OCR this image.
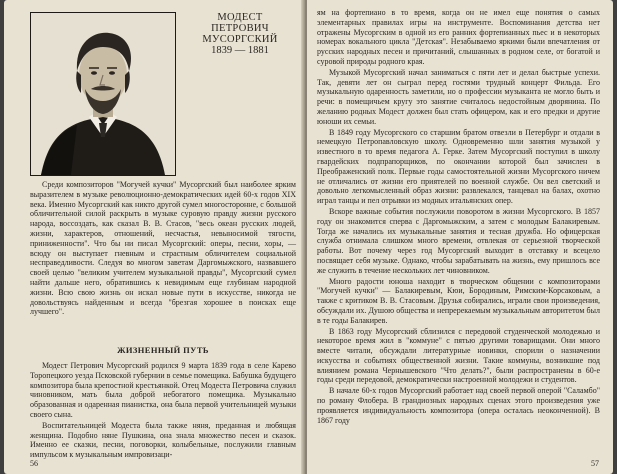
МОДЕСТ
ПЕТРОВИЧ
МУСОРГСКИЙ
1839 — 1881

Среди композиторов "Могучей кучки" Мусоргский был наиболее ярким выразителем в музыке революционно-демократических идей 60-х годов XIX века. Именно Мусоргский как никто другой сумел многосторонне, с большой обличительной силой раскрыть в музыке суровую правду жизни русского народа, воссоздать, как сказал В. В. Стасов, "весь океан русских людей, жизни, характеров, отношений, несчастья, невыносимой тягости, приниженности". Что бы ни писал Мусоргский: оперы, песни, хоры, — всюду он выступает гневным и страстным обличителем социальной несправедливости. Следуя во многом заветам Даргомыжского, назвавшего своей целью "великим учителем музыкальной правды", Мусоргский сумел найти дальше него, обратившись к невидимым еще глубинам народной жизни. Всю свою жизнь он искал новые пути в искусстве, никогда не довольствуясь найденным и всегда "брезгая хорошее в поисках еще лучшего".

ЖИЗНЕННЫЙ ПУТЬ

Модест Петрович Мусоргский родился 9 марта 1839 года в селе Карево Торопецкого уезда Псковской губернии в семье помещика. Бабушка будущего композитора была крепостной крестьянкой. Отец Модеста Петровича служил чиновником, мать была доброй небогатого помещика. Музыкально образованная и одаренная пианистка, она была первой учительницей музыки своего сына.

Воспитательницей Модеста была также няня, преданная и любящая женщина. Подобно няне Пушкина, она знала множество песен и сказок. Именно ее сказки, песни, поговорки, колыбельные, послужили главным импульсом к музыкальным импровизаци-

56

ям на фортепиано в то время, когда он не имел еще понятия о самых элементарных правилах игры на инструменте. Воспоминания детства нет отражены Мусоргским в одной из его ранних фортепианных пьес и в некоторых номерах вокального цикла "Детская". Незабываемо яркими были впечатления от русских народных песен и причитаний, слышанных в родном селе, от богатой и суровой природы родного края.

Музыкой Мусоргский начал заниматься с пяти лет и делал быстрые успехи. Так, девяти лет он сыграл перед гостями трудный концерт Фильда. Его музыкальную одаренность заметили, но о профессии музыканта не могло быть и речи: в помещичьем кругу это занятие считалось недостойным дворянина. По желанию родных Модест должен был стать офицером, как и его предки и другие юноши их семьи.

В 1849 году Мусоргского со старшим братом отвезли в Петербург и отдали в немецкую Петропавловскую школу. Одновременно шли занятия музыкой у известного в то время педагога А. Герке. Затем Мусоргский поступил в школу гвардейских подпрапорщиков, по окончании которой был зачислен в Преображенский полк. Первые годы самостоятельной жизни Мусоргского ничем не отличались от жизни его приятелей по военной службе. Он вел светский и довольно легкомысленный образ жизни: развлекался, танцевал на балах, охотно играл танцы и пел отрывки из модных итальянских опер.

Вскоре важные события послужили поворотом в жизни Мусоргского. В 1857 году он знакомится сперва с Даргомыжским, а затем с молодым Балакиревым. Тогда же начались их музыкальные занятия и тесная дружба. Но офицерская служба отнимала слишком много времени, отвлекая от серьезной творческой работы. Вот почему через год Мусоргский выходит в отставку и всецело посвящает себя музыке. Однако, чтобы зарабатывать на жизнь, ему пришлось все же служить в течение нескольких лет чиновником.

Много радости юноша находит в творческом общении с композиторами "Могучей кучки" — Балакиревым, Кюи, Бородиным, Римским-Корсаковым, а также с критиком В. В. Стасовым. Друзья собирались, играли свои произведения, обсуждали их. Душою общества и непререкаемым музыкальным авторитетом был в те годы Балакирев.

В 1863 году Мусоргский сблизился с передовой студенческой молодежью и некоторое время жил в "коммуне" с пятью другими товарищами. Они много вместе читали, обсуждали литературные новинки, спорили о назначении искусства и событиях общественной жизни. Такие коммуны, возникшие под влиянием романа Чернышевского "Что делать?", были распространены в 60-е годы среди передовой, демократически настроенной молодежи и студентов.

В начале 60-х годов Мусоргский работает над своей первой оперой "Саламбо" по роману Флобера. В грандиозных народных сценах этого произведения уже проявляется индивидуальность композитора (опера осталась неоконченной). В 1867 году

57
